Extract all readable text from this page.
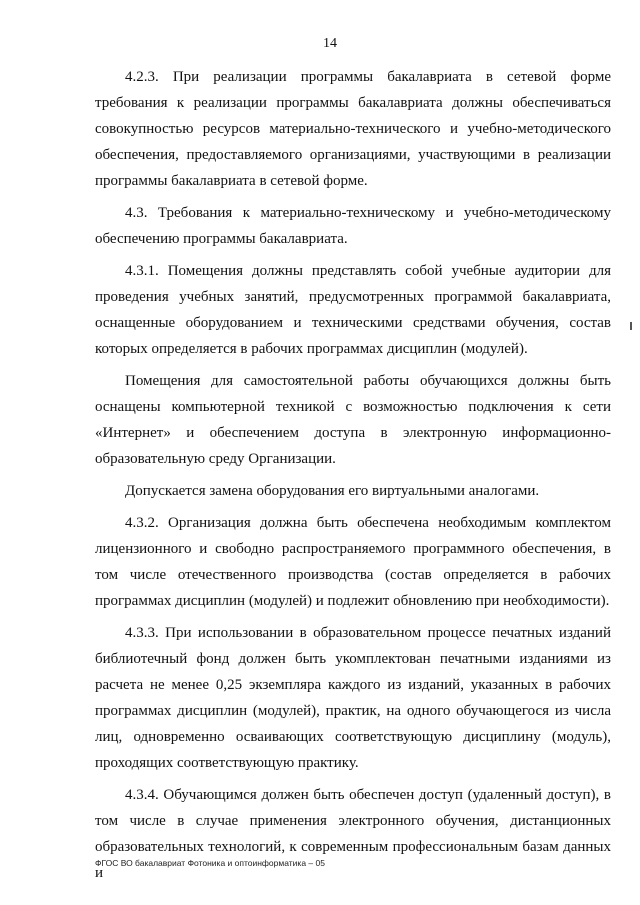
14

4.2.3. При реализации программы бакалавриата в сетевой форме требования к реализации программы бакалавриата должны обеспечиваться совокупностью ресурсов материально-технического и учебно-методического обеспечения, предоставляемого организациями, участвующими в реализации программы бакалавриата в сетевой форме.

4.3. Требования к материально-техническому и учебно-методическому обеспечению программы бакалавриата.

4.3.1. Помещения должны представлять собой учебные аудитории для проведения учебных занятий, предусмотренных программой бакалавриата, оснащенные оборудованием и техническими средствами обучения, состав которых определяется в рабочих программах дисциплин (модулей).

Помещения для самостоятельной работы обучающихся должны быть оснащены компьютерной техникой с возможностью подключения к сети «Интернет» и обеспечением доступа в электронную информационно-образовательную среду Организации.

Допускается замена оборудования его виртуальными аналогами.

4.3.2. Организация должна быть обеспечена необходимым комплектом лицензионного и свободно распространяемого программного обеспечения, в том числе отечественного производства (состав определяется в рабочих программах дисциплин (модулей) и подлежит обновлению при необходимости).

4.3.3. При использовании в образовательном процессе печатных изданий библиотечный фонд должен быть укомплектован печатными изданиями из расчета не менее 0,25 экземпляра каждого из изданий, указанных в рабочих программах дисциплин (модулей), практик, на одного обучающегося из числа лиц, одновременно осваивающих соответствующую дисциплину (модуль), проходящих соответствующую практику.

4.3.4. Обучающимся должен быть обеспечен доступ (удаленный доступ), в том числе в случае применения электронного обучения, дистанционных образовательных технологий, к современным профессиональным базам данных и

ФГОС ВО бакалавриат Фотоника и оптоинформатика – 05
